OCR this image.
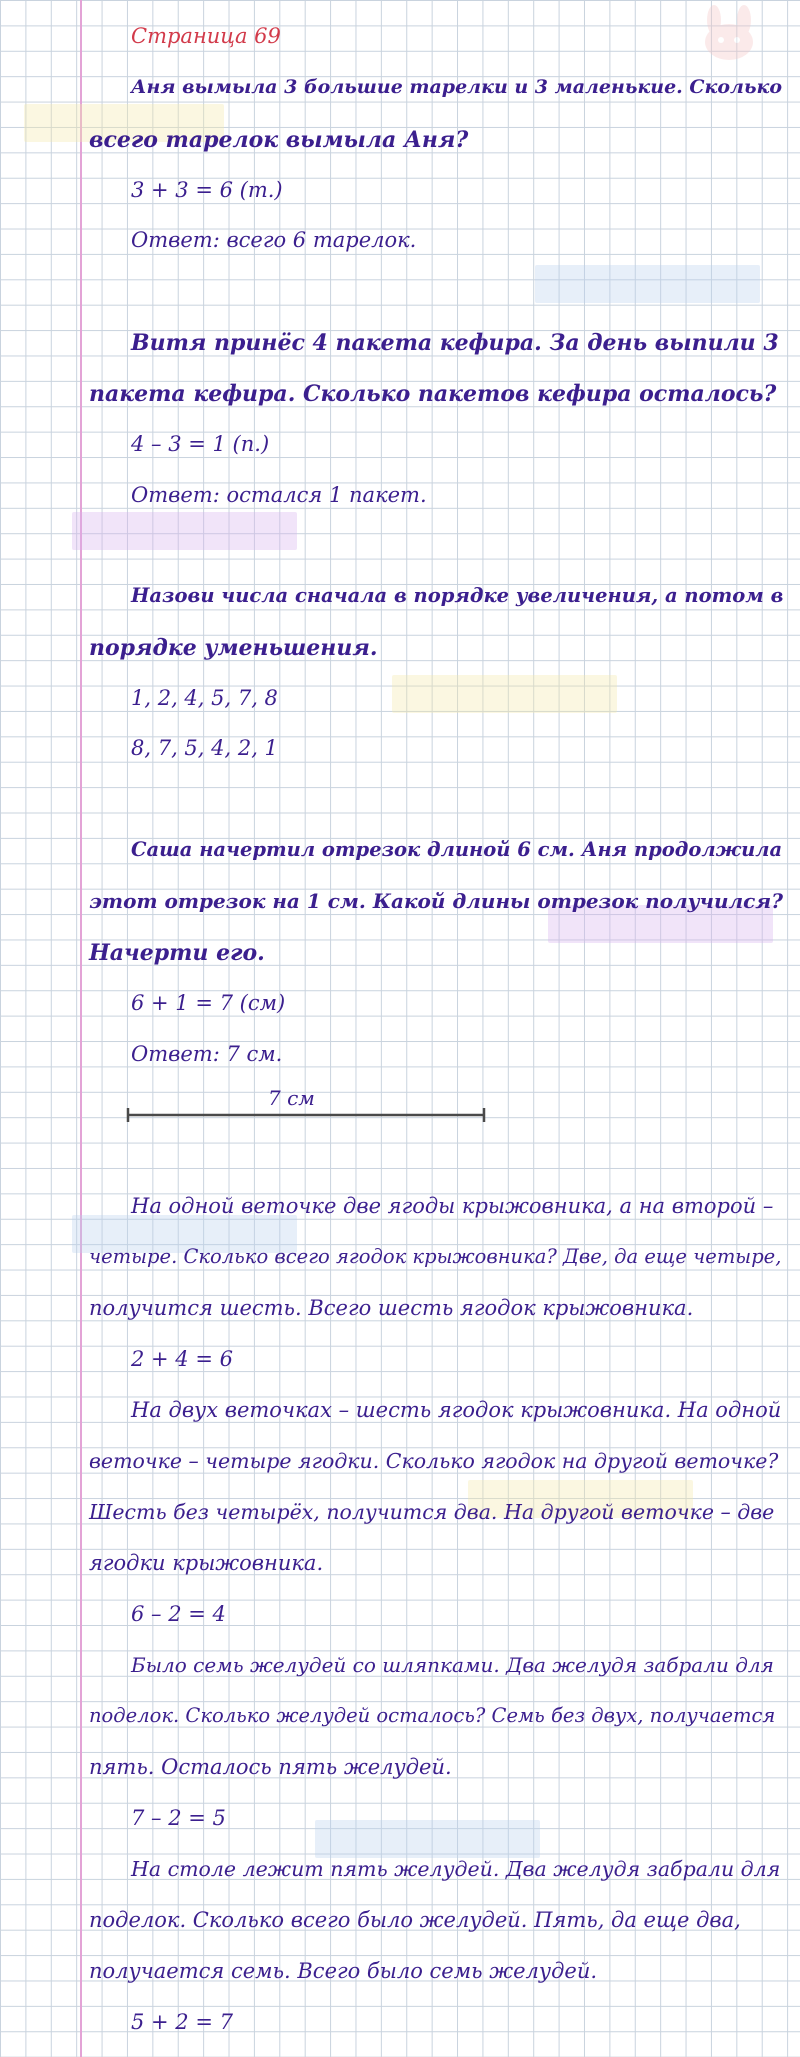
Страница 69
Аня вымыла 3 большие тарелки и 3 маленькие. Сколько
всего тарелок вымыла Аня?
3 + 3 = 6 (т.)
Ответ: всего 6 тарелок.
Витя принёс 4 пакета кефира. За день выпили 3
пакета кефира. Сколько пакетов кефира осталось?
4 – 3 = 1 (п.)
Ответ: остался 1 пакет.
Назови числа сначала в порядке увеличения, а потом в
порядке уменьшения.
1, 2, 4, 5, 7, 8
8, 7, 5, 4, 2, 1
Саша начертил отрезок длиной 6 см. Аня продолжила
этот отрезок на 1 см. Какой длины отрезок получился?
Начерти его.
6 + 1 = 7 (см)
Ответ: 7 см.
7 см
На одной веточке две ягоды крыжовника, а на второй –
четыре. Сколько всего ягодок крыжовника? Две, да еще четыре,
получится шесть. Всего шесть ягодок крыжовника.
2 + 4 = 6
На двух веточках – шесть ягодок крыжовника. На одной
веточке – четыре ягодки. Сколько ягодок на другой веточке?
Шесть без четырёх, получится два. На другой веточке – две
ягодки крыжовника.
6 – 2 = 4
Было семь желудей со шляпками. Два желудя забрали для
поделок. Сколько желудей осталось? Семь без двух, получается
пять. Осталось пять желудей.
7 – 2 = 5
На столе лежит пять желудей. Два желудя забрали для
поделок. Сколько всего было желудей. Пять, да еще два,
получается семь. Всего было семь желудей.
5 + 2 = 7
